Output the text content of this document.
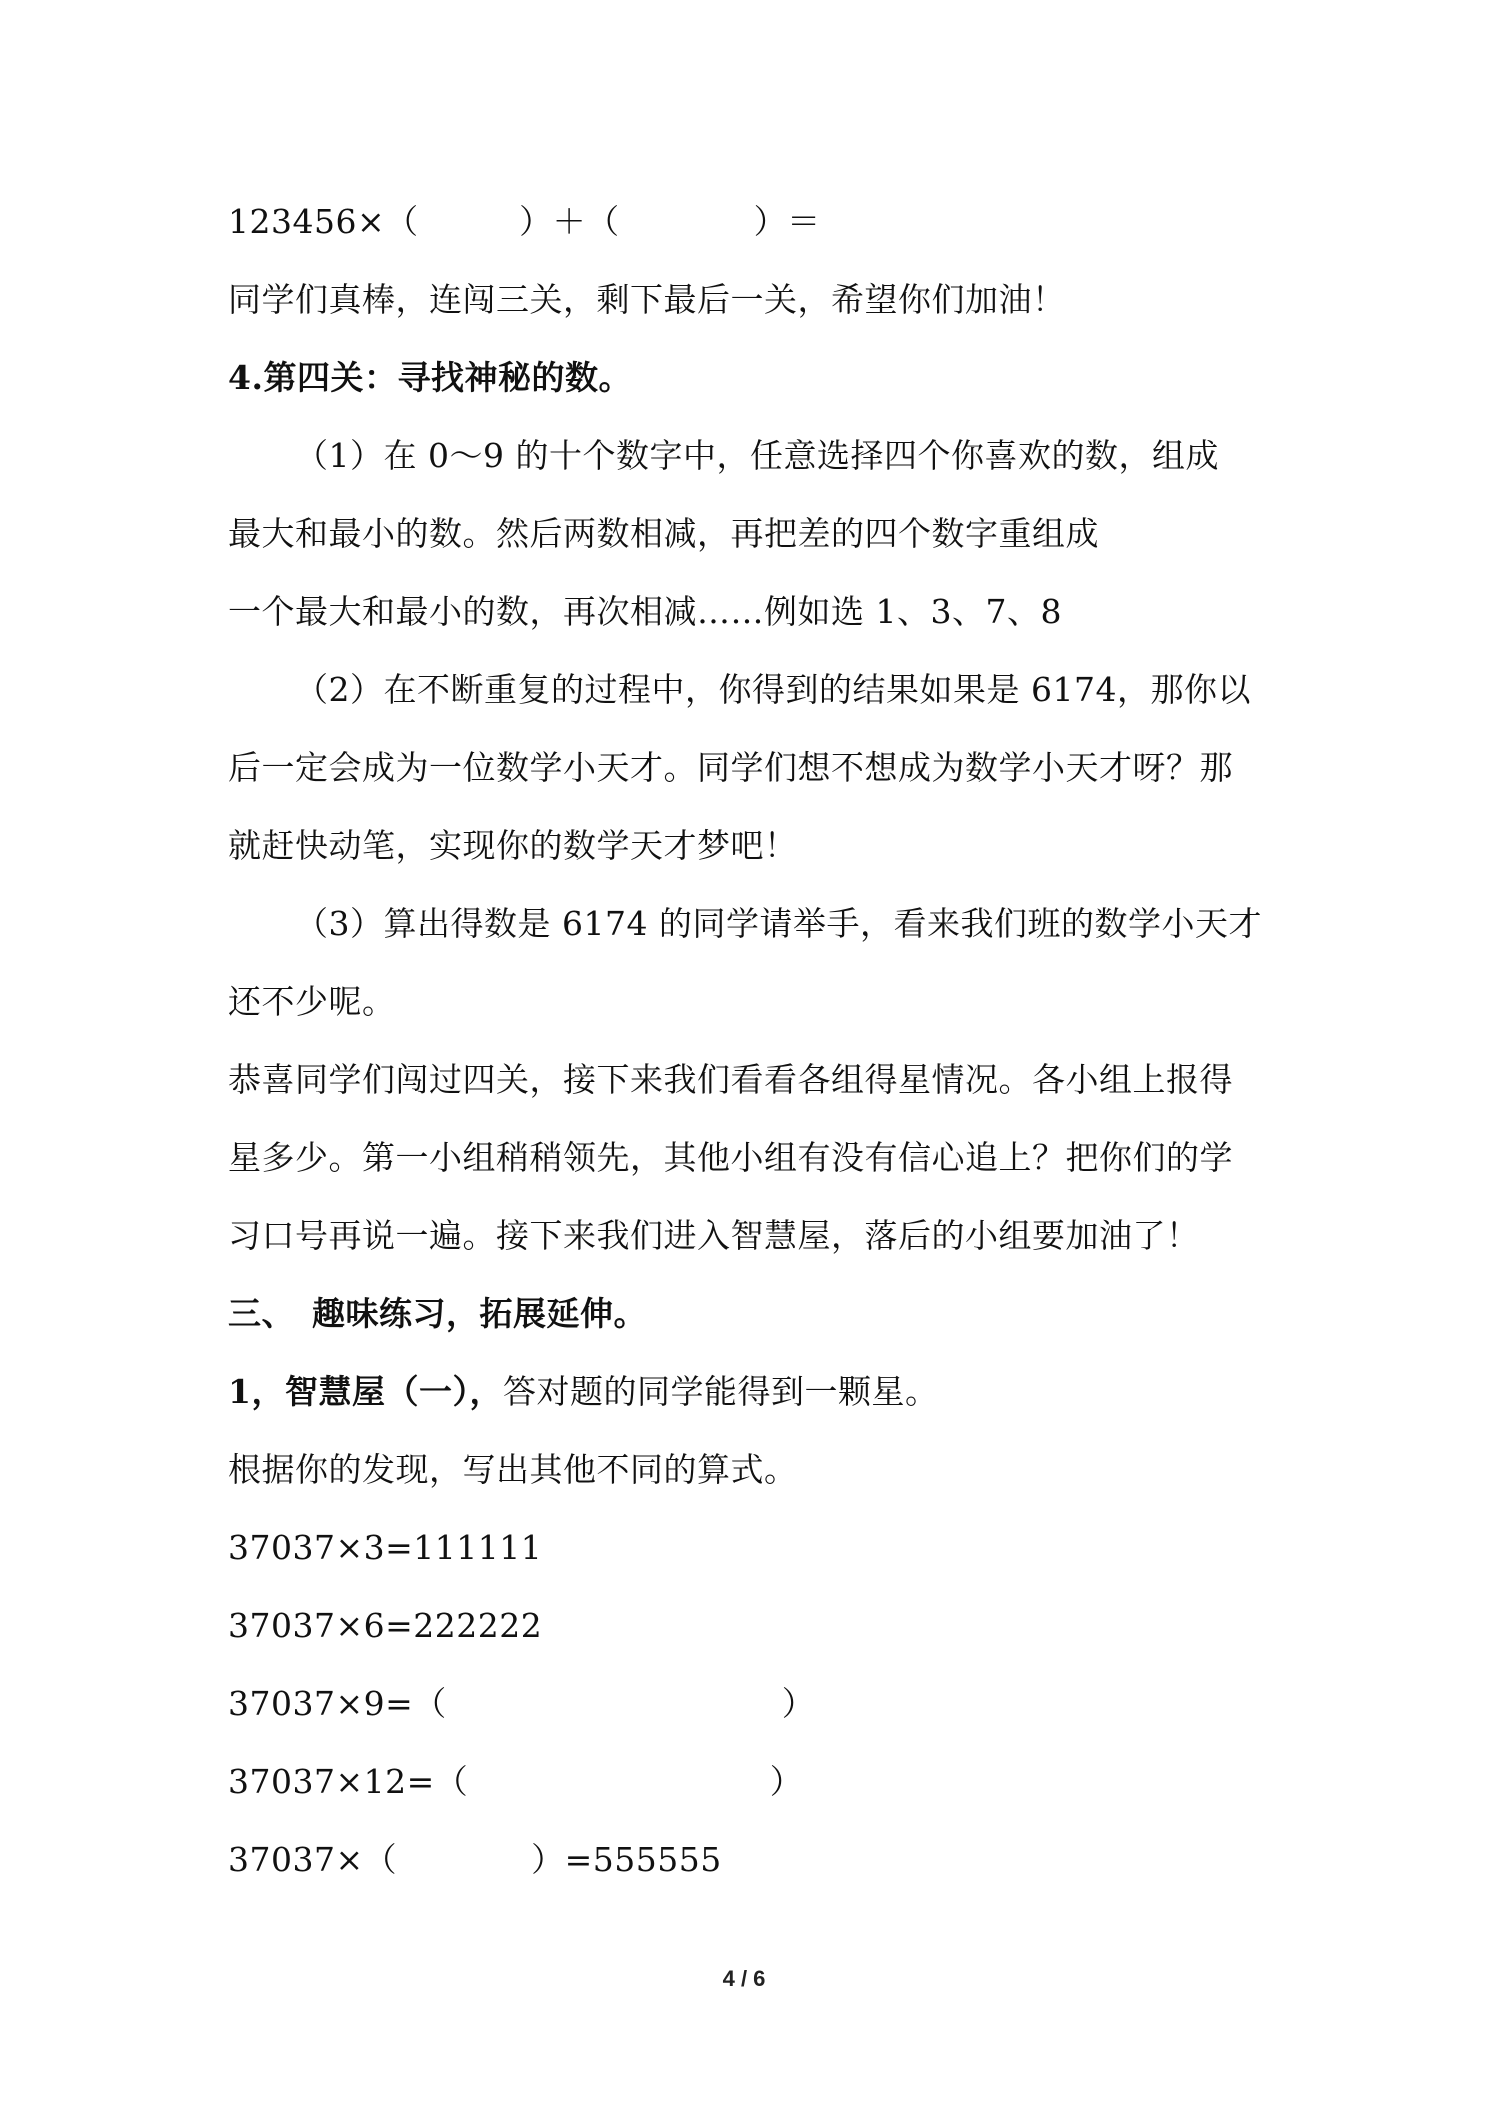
123456×（　　　）＋（　　　　）＝
同学们真棒，连闯三关，剩下最后一关，希望你们加油！
4.第四关：寻找神秘的数。
（1）在 0～9 的十个数字中，任意选择四个你喜欢的数，组成
最大和最小的数。然后两数相减，再把差的四个数字重组成
一个最大和最小的数，再次相减……例如选 1、3、7、8
（2）在不断重复的过程中，你得到的结果如果是 6174，那你以
后一定会成为一位数学小天才。同学们想不想成为数学小天才呀？那
就赶快动笔，实现你的数学天才梦吧！
（3）算出得数是 6174 的同学请举手，看来我们班的数学小天才
还不少呢。
恭喜同学们闯过四关，接下来我们看看各组得星情况。各小组上报得
星多少。第一小组稍稍领先，其他小组有没有信心追上？把你们的学
习口号再说一遍。接下来我们进入智慧屋，落后的小组要加油了！
三、　趣味练习，拓展延伸。
1，智慧屋（一），答对题的同学能得到一颗星。
根据你的发现，写出其他不同的算式。
37037×3=111111
37037×6=222222
37037×9=（　　　　　　　　　　）
37037×12=（　　　　　　　　　）
37037×（　　　　）=555555
4 / 6
